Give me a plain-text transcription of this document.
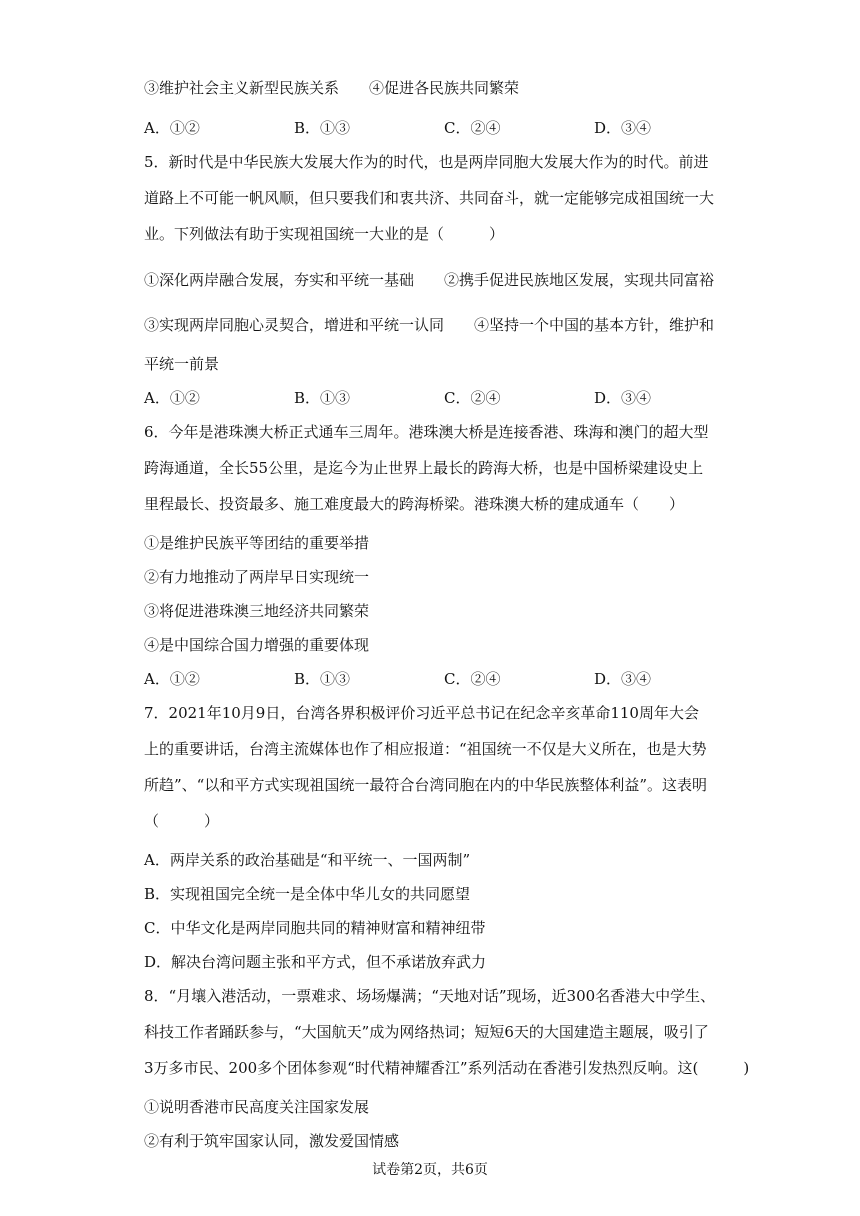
③维护社会主义新型民族关系　　④促进各民族共同繁荣
A．①②	B．①③	C．②④	D．③④
5．新时代是中华民族大发展大作为的时代，也是两岸同胞大发展大作为的时代。前进
道路上不可能一帆风顺，但只要我们和衷共济、共同奋斗，就一定能够完成祖国统一大
业。下列做法有助于实现祖国统一大业的是（　　　）
①深化两岸融合发展，夯实和平统一基础　　②携手促进民族地区发展，实现共同富裕
③实现两岸同胞心灵契合，增进和平统一认同　　④坚持一个中国的基本方针，维护和
平统一前景
A．①②	B．①③	C．②④	D．③④
6．今年是港珠澳大桥正式通车三周年。港珠澳大桥是连接香港、珠海和澳门的超大型
跨海通道，全长55公里，是迄今为止世界上最长的跨海大桥，也是中国桥梁建设史上
里程最长、投资最多、施工难度最大的跨海桥梁。港珠澳大桥的建成通车（　　）
①是维护民族平等团结的重要举措
②有力地推动了两岸早日实现统一
③将促进港珠澳三地经济共同繁荣
④是中国综合国力增强的重要体现
A．①②	B．①③	C．②④	D．③④
7．2021年10月9日，台湾各界积极评价习近平总书记在纪念辛亥革命110周年大会
上的重要讲话，台湾主流媒体也作了相应报道：“祖国统一不仅是大义所在，也是大势
所趋”、“以和平方式实现祖国统一最符合台湾同胞在内的中华民族整体利益”。这表明
（　　　）
A．两岸关系的政治基础是“和平统一、一国两制”
B．实现祖国完全统一是全体中华儿女的共同愿望
C．中华文化是两岸同胞共同的精神财富和精神纽带
D．解决台湾问题主张和平方式，但不承诺放弃武力
8．“月壤入港活动，一票难求、场场爆满；“天地对话”现场，近300名香港大中学生、
科技工作者踊跃参与，“大国航天”成为网络热词；短短6天的大国建造主题展，吸引了
3万多市民、200多个团体参观“时代精神耀香江”系列活动在香港引发热烈反响。这(　　　)
①说明香港市民高度关注国家发展
②有利于筑牢国家认同，激发爱国情感
试卷第2页，共6页
